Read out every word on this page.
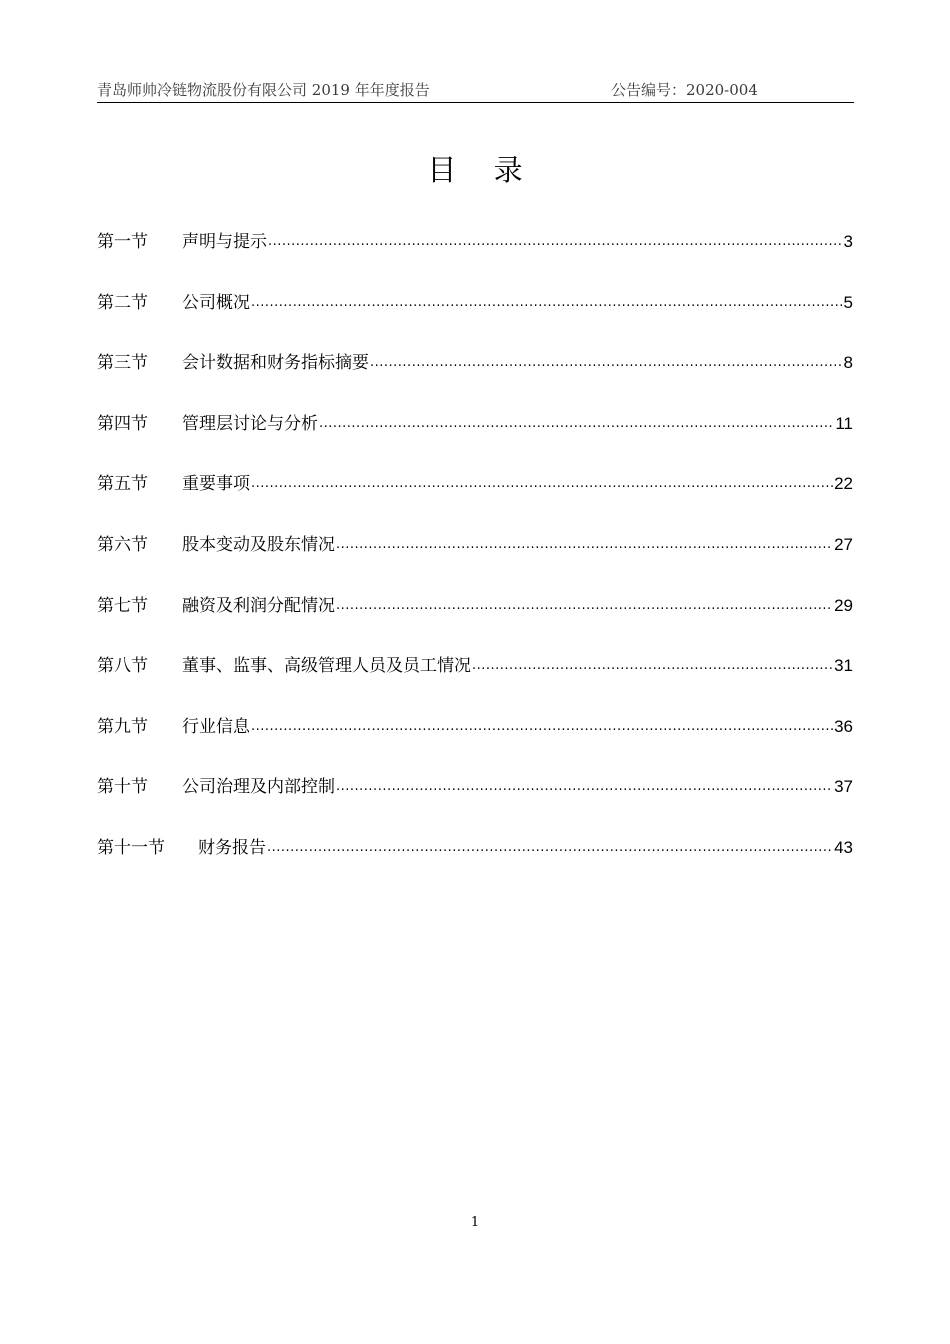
青岛师帅冷链物流股份有限公司 2019 年年度报告	公告编号：2020-004
目 录
第一节	声明与提示 .....	3
第二节	公司概况 .....	5
第三节	会计数据和财务指标摘要 .....	8
第四节	管理层讨论与分析 .....	11
第五节	重要事项 .....	22
第六节	股本变动及股东情况 .....	27
第七节	融资及利润分配情况 .....	29
第八节	董事、监事、高级管理人员及员工情况 .....	31
第九节	行业信息 .....	36
第十节	公司治理及内部控制 .....	37
第十一节	财务报告 .....	43
1
